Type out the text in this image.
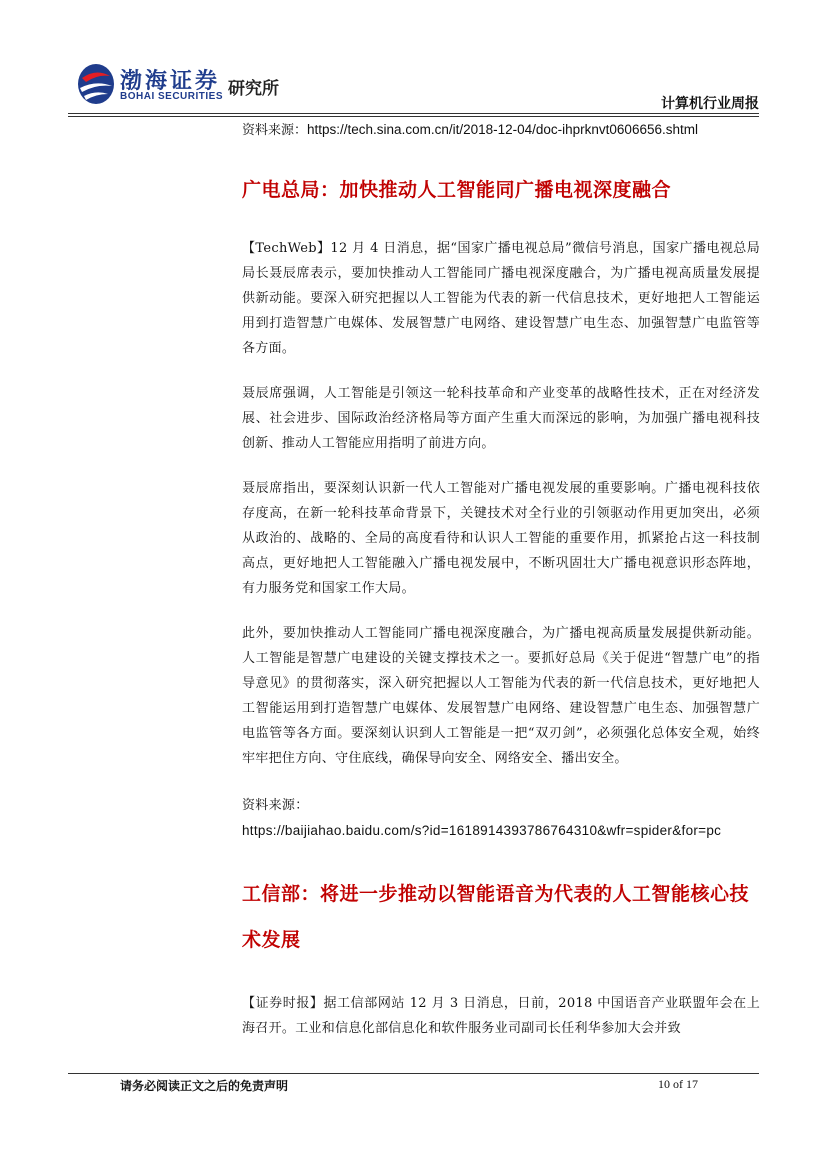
渤海证券
BOHAI SECURITIES 研究所
计算机行业周报
资料来源：https://tech.sina.com.cn/it/2018-12-04/doc-ihprknvt0606656.shtml
广电总局：加快推动人工智能同广播电视深度融合

【TechWeb】12 月 4 日消息，据“国家广播电视总局”微信号消息，国家广播电视总局局长聂辰席表示，要加快推动人工智能同广播电视深度融合，为广播电视高质量发展提供新动能。要深入研究把握以人工智能为代表的新一代信息技术，更好地把人工智能运用到打造智慧广电媒体、发展智慧广电网络、建设智慧广电生态、加强智慧广电监管等各方面。

聂辰席强调，人工智能是引领这一轮科技革命和产业变革的战略性技术，正在对经济发展、社会进步、国际政治经济格局等方面产生重大而深远的影响，为加强广播电视科技创新、推动人工智能应用指明了前进方向。

聂辰席指出，要深刻认识新一代人工智能对广播电视发展的重要影响。广播电视科技依存度高，在新一轮科技革命背景下，关键技术对全行业的引领驱动作用更加突出，必须从政治的、战略的、全局的高度看待和认识人工智能的重要作用，抓紧抢占这一科技制高点，更好地把人工智能融入广播电视发展中，不断巩固壮大广播电视意识形态阵地，有力服务党和国家工作大局。

此外，要加快推动人工智能同广播电视深度融合，为广播电视高质量发展提供新动能。人工智能是智慧广电建设的关键支撑技术之一。要抓好总局《关于促进“智慧广电”的指导意见》的贯彻落实，深入研究把握以人工智能为代表的新一代信息技术，更好地把人工智能运用到打造智慧广电媒体、发展智慧广电网络、建设智慧广电生态、加强智慧广电监管等各方面。要深刻认识到人工智能是一把“双刃剑”，必须强化总体安全观，始终牢牢把住方向、守住底线，确保导向安全、网络安全、播出安全。

资料来源：

https://baijiahao.baidu.com/s?id=1618914393786764310&wfr=spider&for=pc

工信部：将进一步推动以智能语音为代表的人工智能核心技术发展

【证券时报】据工信部网站 12 月 3 日消息，日前，2018 中国语音产业联盟年会在上海召开。工业和信息化部信息化和软件服务业司副司长任利华参加大会并致

请务必阅读正文之后的免责声明	10 of 17
